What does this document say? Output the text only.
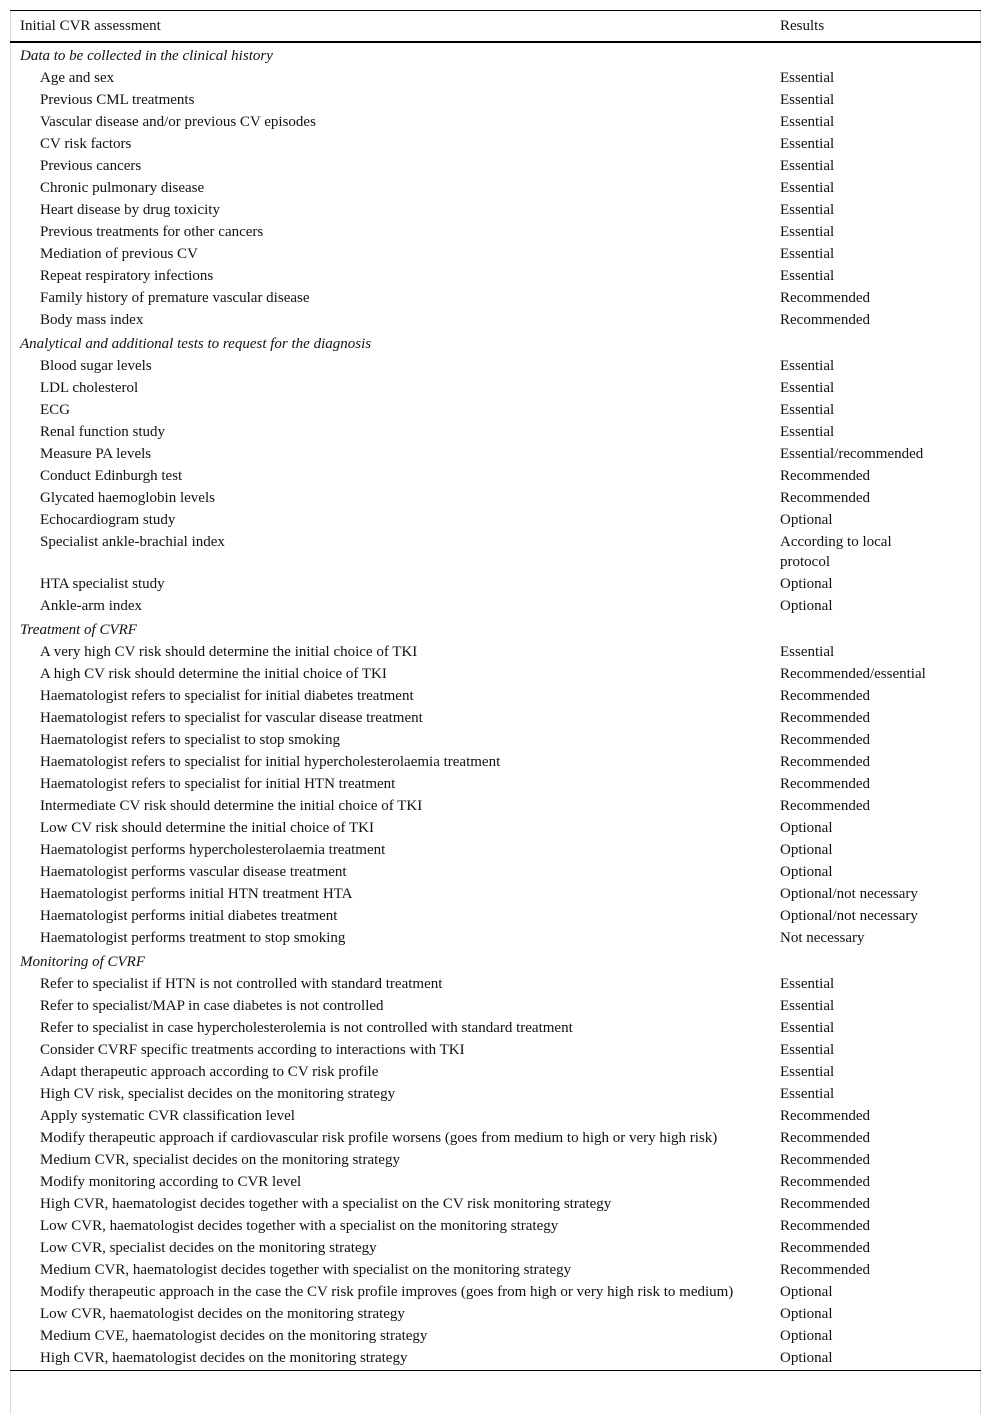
Initial CVR assessment	Results
Data to be collected in the clinical history	
Age and sex	Essential
Previous CML treatments	Essential
Vascular disease and/or previous CV episodes	Essential
CV risk factors	Essential
Previous cancers	Essential
Chronic pulmonary disease	Essential
Heart disease by drug toxicity	Essential
Previous treatments for other cancers	Essential
Mediation of previous CV	Essential
Repeat respiratory infections	Essential
Family history of premature vascular disease	Recommended
Body mass index	Recommended
Analytical and additional tests to request for the diagnosis	
Blood sugar levels	Essential
LDL cholesterol	Essential
ECG	Essential
Renal function study	Essential
Measure PA levels	Essential/recommended
Conduct Edinburgh test	Recommended
Glycated haemoglobin levels	Recommended
Echocardiogram study	Optional
Specialist ankle-brachial index	According to local protocol
HTA specialist study	Optional
Ankle-arm index	Optional
Treatment of CVRF	
A very high CV risk should determine the initial choice of TKI	Essential
A high CV risk should determine the initial choice of TKI	Recommended/essential
Haematologist refers to specialist for initial diabetes treatment	Recommended
Haematologist refers to specialist for vascular disease treatment	Recommended
Haematologist refers to specialist to stop smoking	Recommended
Haematologist refers to specialist for initial hypercholesterolaemia treatment	Recommended
Haematologist refers to specialist for initial HTN treatment	Recommended
Intermediate CV risk should determine the initial choice of TKI	Recommended
Low CV risk should determine the initial choice of TKI	Optional
Haematologist performs hypercholesterolaemia treatment	Optional
Haematologist performs vascular disease treatment	Optional
Haematologist performs initial HTN treatment HTA	Optional/not necessary
Haematologist performs initial diabetes treatment	Optional/not necessary
Haematologist performs treatment to stop smoking	Not necessary
Monitoring of CVRF	
Refer to specialist if HTN is not controlled with standard treatment	Essential
Refer to specialist/MAP in case diabetes is not controlled	Essential
Refer to specialist in case hypercholesterolemia is not controlled with standard treatment	Essential
Consider CVRF specific treatments according to interactions with TKI	Essential
Adapt therapeutic approach according to CV risk profile	Essential
High CV risk, specialist decides on the monitoring strategy	Essential
Apply systematic CVR classification level	Recommended
Modify therapeutic approach if cardiovascular risk profile worsens (goes from medium to high or very high risk)	Recommended
Medium CVR, specialist decides on the monitoring strategy	Recommended
Modify monitoring according to CVR level	Recommended
High CVR, haematologist decides together with a specialist on the CV risk monitoring strategy	Recommended
Low CVR, haematologist decides together with a specialist on the monitoring strategy	Recommended
Low CVR, specialist decides on the monitoring strategy	Recommended
Medium CVR, haematologist decides together with specialist on the monitoring strategy	Recommended
Modify therapeutic approach in the case the CV risk profile improves (goes from high or very high risk to medium)	Optional
Low CVR, haematologist decides on the monitoring strategy	Optional
Medium CVE, haematologist decides on the monitoring strategy	Optional
High CVR, haematologist decides on the monitoring strategy	Optional
